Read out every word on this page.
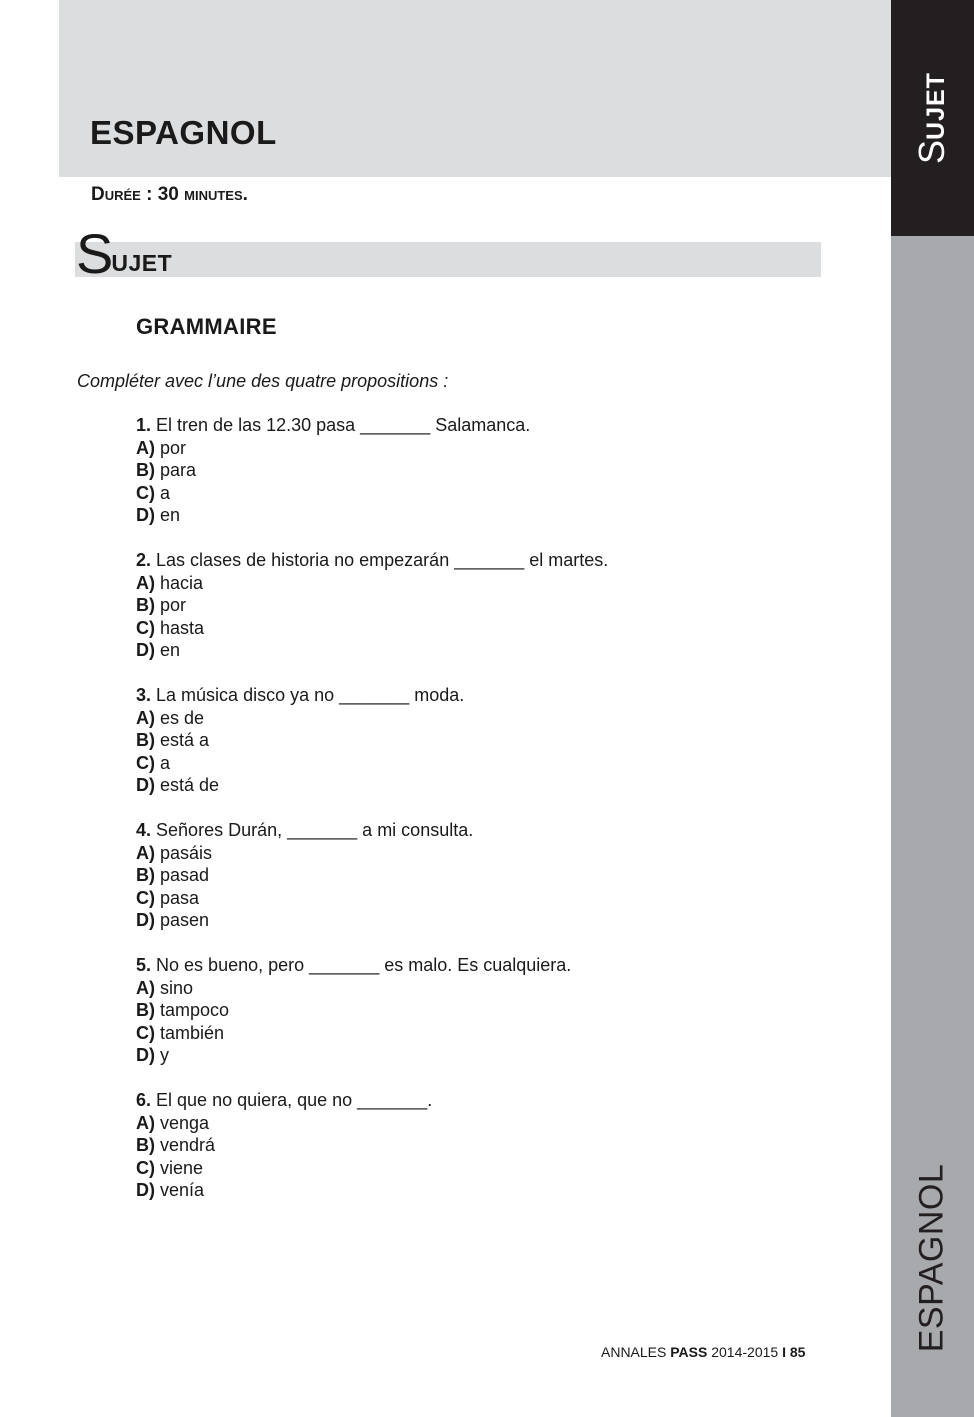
ESPAGNOL
Durée : 30 minutes.
SUJET
GRAMMAIRE
Compléter avec l’une des quatre propositions :
1. El tren de las 12.30 pasa _______ Salamanca.
A) por
B) para
C) a
D) en
2. Las clases de historia no empezarán _______ el martes.
A) hacia
B) por
C) hasta
D) en
3. La música disco ya no _______ moda.
A) es de
B) está a
C) a
D) está de
4. Señores Durán, _______ a mi consulta.
A) pasáis
B) pasad
C) pasa
D) pasen
5. No es bueno, pero _______ es malo. Es cualquiera.
A) sino
B) tampoco
C) también
D) y
6. El que no quiera, que no _______.
A) venga
B) vendrá
C) viene
D) venía
ANNALES PASS 2014-2015 I 85
SUJET
ESPAGNOL
